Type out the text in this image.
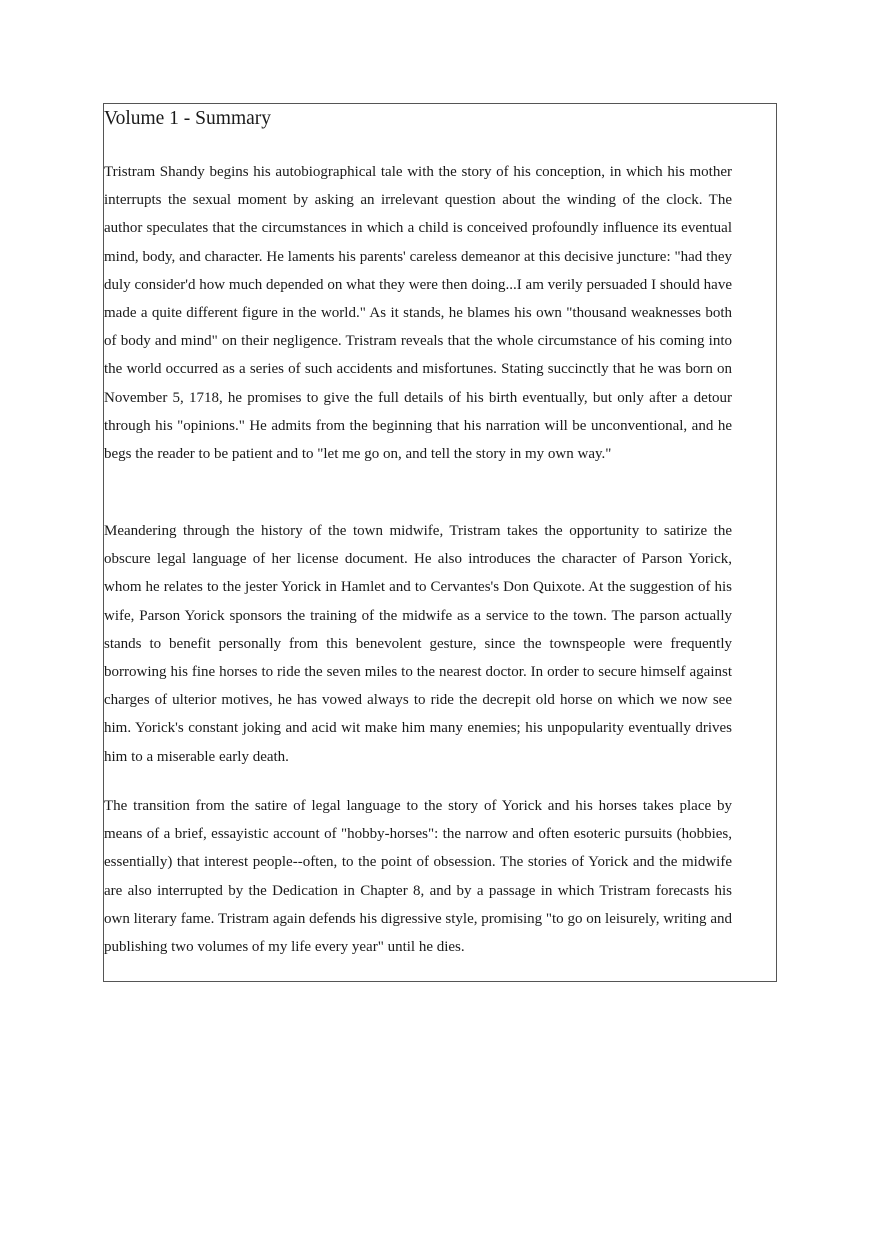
Volume 1 - Summary

Tristram Shandy begins his autobiographical tale with the story of his conception, in which his mother interrupts the sexual moment by asking an irrelevant question about the winding of the clock. The author speculates that the circumstances in which a child is conceived profoundly influence its eventual mind, body, and character. He laments his parents' careless demeanor at this decisive juncture: "had they duly consider'd how much depended on what they were then doing...I am verily persuaded I should have made a quite different figure in the world." As it stands, he blames his own "thousand weaknesses both of body and mind" on their negligence. Tristram reveals that the whole circumstance of his coming into the world occurred as a series of such accidents and misfortunes. Stating succinctly that he was born on November 5, 1718, he promises to give the full details of his birth eventually, but only after a detour through his "opinions." He admits from the beginning that his narration will be unconventional, and he begs the reader to be patient and to "let me go on, and tell the story in my own way."

Meandering through the history of the town midwife, Tristram takes the opportunity to satirize the obscure legal language of her license document. He also introduces the character of Parson Yorick, whom he relates to the jester Yorick in Hamlet and to Cervantes's Don Quixote. At the suggestion of his wife, Parson Yorick sponsors the training of the midwife as a service to the town. The parson actually stands to benefit personally from this benevolent gesture, since the townspeople were frequently borrowing his fine horses to ride the seven miles to the nearest doctor. In order to secure himself against charges of ulterior motives, he has vowed always to ride the decrepit old horse on which we now see him. Yorick's constant joking and acid wit make him many enemies; his unpopularity eventually drives him to a miserable early death.

The transition from the satire of legal language to the story of Yorick and his horses takes place by means of a brief, essayistic account of "hobby-horses": the narrow and often esoteric pursuits (hobbies, essentially) that interest people--often, to the point of obsession. The stories of Yorick and the midwife are also interrupted by the Dedication in Chapter 8, and by a passage in which Tristram forecasts his own literary fame. Tristram again defends his digressive style, promising "to go on leisurely, writing and publishing two volumes of my life every year" until he dies.
